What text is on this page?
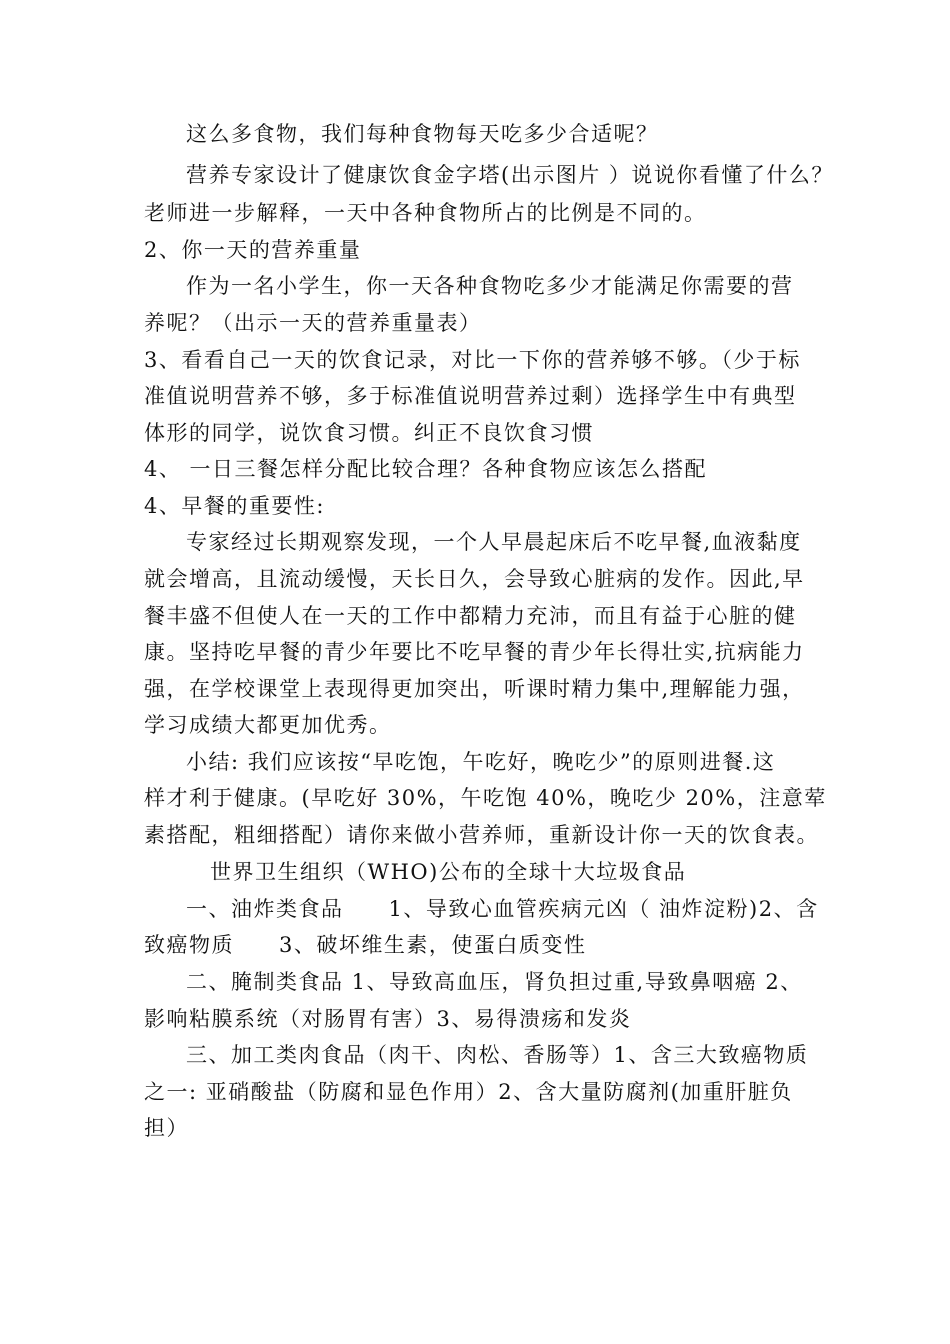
这么多食物，我们每种食物每天吃多少合适呢？
营养专家设计了健康饮食金字塔(出示图片 ）说说你看懂了什么？
老师进一步解释，一天中各种食物所占的比例是不同的。
2、你一天的营养重量
作为一名小学生，你一天各种食物吃多少才能满足你需要的营
养呢？（出示一天的营养重量表）
3、看看自己一天的饮食记录，对比一下你的营养够不够。（少于标
准值说明营养不够，多于标准值说明营养过剩）选择学生中有典型
体形的同学，说饮食习惯。纠正不良饮食习惯
4、 一日三餐怎样分配比较合理？各种食物应该怎么搭配
4、早餐的重要性:
专家经过长期观察发现，一个人早晨起床后不吃早餐,血液黏度
就会增高，且流动缓慢，天长日久，会导致心脏病的发作。因此,早
餐丰盛不但使人在一天的工作中都精力充沛，而且有益于心脏的健
康。坚持吃早餐的青少年要比不吃早餐的青少年长得壮实,抗病能力
强，在学校课堂上表现得更加突出，听课时精力集中,理解能力强，
学习成绩大都更加优秀。
小结: 我们应该按“早吃饱，午吃好，晚吃少”的原则进餐.这
样才利于健康。(早吃好 30%，午吃饱 40%，晚吃少 20%，注意荤
素搭配，粗细搭配）请你来做小营养师，重新设计你一天的饮食表。
世界卫生组织（WHO)公布的全球十大垃圾食品
一、油炸类食品　　1、导致心血管疾病元凶（ 油炸淀粉)2、含
致癌物质　　3、破坏维生素，使蛋白质变性
二、腌制类食品 1、导致高血压，肾负担过重,导致鼻咽癌 2、
影响粘膜系统（对肠胃有害）3、易得溃疡和发炎
三、加工类肉食品（肉干、肉松、香肠等）1、含三大致癌物质
之一: 亚硝酸盐（防腐和显色作用）2、含大量防腐剂(加重肝脏负
担）
